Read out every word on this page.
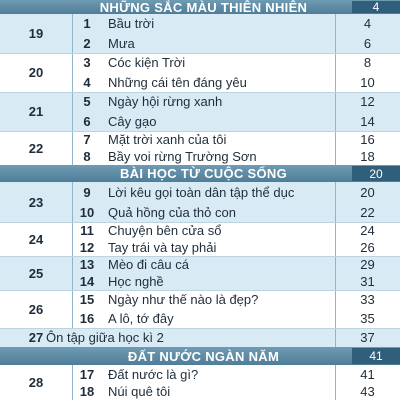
NHỮNG SẮC MÀU THIÊN NHIÊN	4
19
1	Bầu trời	4
2	Mưa	6
20
3	Cóc kiện Trời	8
4	Những cái tên đáng yêu	10
21
5	Ngày hội rừng xanh	12
6	Cây gạo	14
22
7	Mặt trời xanh của tôi	16
8	Bầy voi rừng Trường Sơn	18
BÀI HỌC TỪ CUỘC SỐNG	20
23
9	Lời kêu gọi toàn dân tập thể dục	20
10	Quả hồng của thỏ con	22
24
11	Chuyện bên cửa sổ	24
12	Tay trái và tay phải	26
25
13	Mèo đi câu cá	29
14	Học nghề	31
26
15	Ngày như thế nào là đẹp?	33
16	A lô, tớ đây	35
27 Ôn tập giữa học kì 2	37
ĐẤT NƯỚC NGÀN NĂM	41
28
17	Đất nước là gì?	41
18	Núi quê tôi	43
